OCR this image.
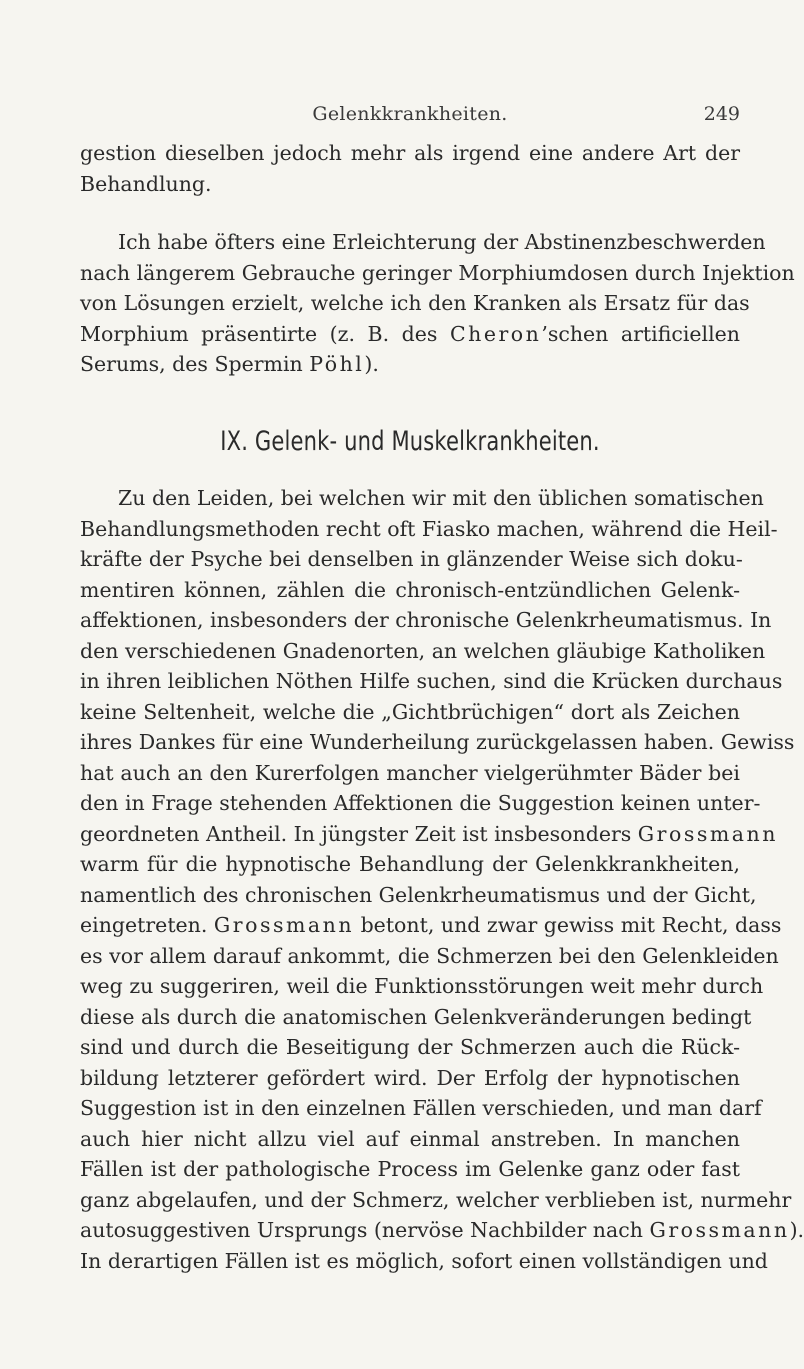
Gelenkkrankheiten.	249
gestion dieselben jedoch mehr als irgend eine andere Art der
Behandlung.
Ich habe öfters eine Erleichterung der Abstinenzbeschwerden
nach längerem Gebrauche geringer Morphiumdosen durch Injektion
von Lösungen erzielt, welche ich den Kranken als Ersatz für das
Morphium präsentirte (z. B. des Cheron’schen artificiellen
Serums, des Spermin Pöhl).
IX. Gelenk- und Muskelkrankheiten.
Zu den Leiden, bei welchen wir mit den üblichen somatischen
Behandlungsmethoden recht oft Fiasko machen, während die Heil-
kräfte der Psyche bei denselben in glänzender Weise sich doku-
mentiren können, zählen die chronisch-entzündlichen Gelenk-
affektionen, insbesonders der chronische Gelenkrheumatismus. In
den verschiedenen Gnadenorten, an welchen gläubige Katholiken
in ihren leiblichen Nöthen Hilfe suchen, sind die Krücken durchaus
keine Seltenheit, welche die „Gichtbrüchigen“ dort als Zeichen
ihres Dankes für eine Wunderheilung zurückgelassen haben. Gewiss
hat auch an den Kurerfolgen mancher vielgerühmter Bäder bei
den in Frage stehenden Affektionen die Suggestion keinen unter-
geordneten Antheil. In jüngster Zeit ist insbesonders Grossmann
warm für die hypnotische Behandlung der Gelenkkrankheiten,
namentlich des chronischen Gelenkrheumatismus und der Gicht,
eingetreten. Grossmann betont, und zwar gewiss mit Recht, dass
es vor allem darauf ankommt, die Schmerzen bei den Gelenkleiden
weg zu suggeriren, weil die Funktionsstörungen weit mehr durch
diese als durch die anatomischen Gelenkveränderungen bedingt
sind und durch die Beseitigung der Schmerzen auch die Rück-
bildung letzterer gefördert wird. Der Erfolg der hypnotischen
Suggestion ist in den einzelnen Fällen verschieden, und man darf
auch hier nicht allzu viel auf einmal anstreben. In manchen
Fällen ist der pathologische Process im Gelenke ganz oder fast
ganz abgelaufen, und der Schmerz, welcher verblieben ist, nurmehr
autosuggestiven Ursprungs (nervöse Nachbilder nach Grossmann).
In derartigen Fällen ist es möglich, sofort einen vollständigen und
